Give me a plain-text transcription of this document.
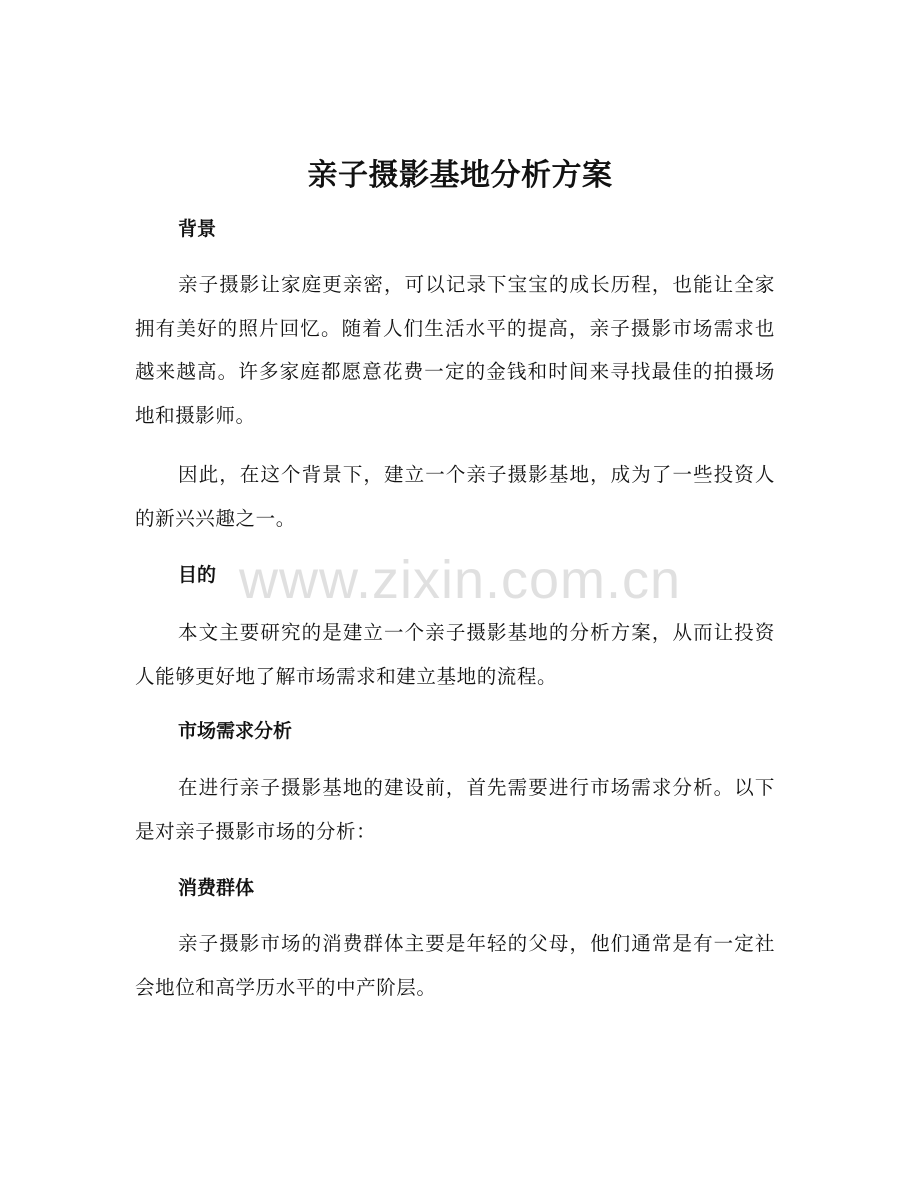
亲子摄影基地分析方案
背景
亲子摄影让家庭更亲密，可以记录下宝宝的成长历程，也能让全家拥有美好的照片回忆。随着人们生活水平的提高，亲子摄影市场需求也越来越高。许多家庭都愿意花费一定的金钱和时间来寻找最佳的拍摄场地和摄影师。
因此，在这个背景下，建立一个亲子摄影基地，成为了一些投资人的新兴兴趣之一。
目的
本文主要研究的是建立一个亲子摄影基地的分析方案，从而让投资人能够更好地了解市场需求和建立基地的流程。
市场需求分析
在进行亲子摄影基地的建设前，首先需要进行市场需求分析。以下是对亲子摄影市场的分析：
消费群体
亲子摄影市场的消费群体主要是年轻的父母，他们通常是有一定社会地位和高学历水平的中产阶层。
www.zixin.com.cn
